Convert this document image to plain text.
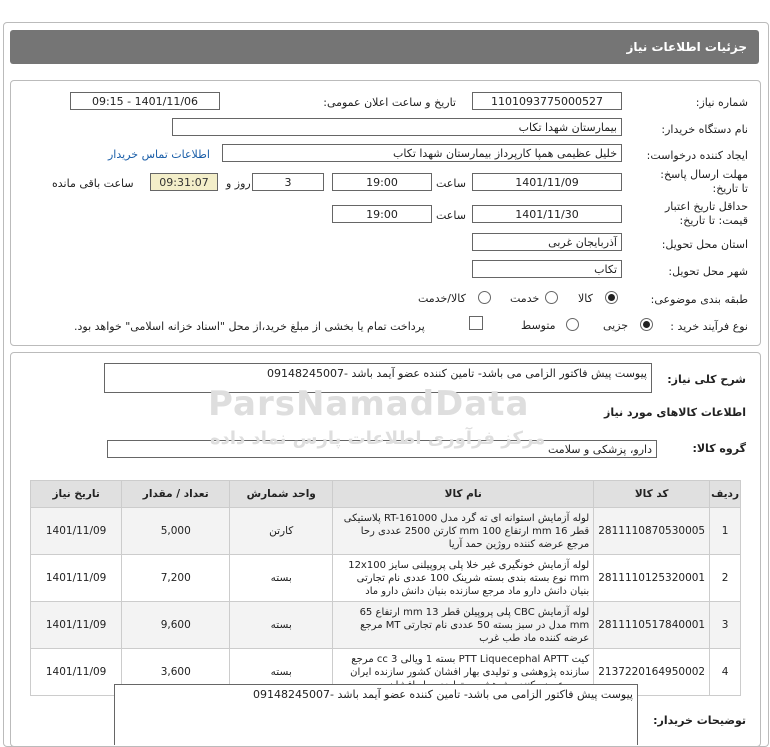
جزئیات اطلاعات نیاز
شماره نیاز:
1101093775000527
تاریخ و ساعت اعلان عمومی:
1401/11/06 - 09:15
نام دستگاه خریدار:
بیمارستان شهدا تکاب
ایجاد کننده درخواست:
خلیل عظیمی همپا کارپرداز بیمارستان شهدا تکاب
اطلاعات تماس خریدار
مهلت ارسال پاسخ: تا تاریخ:
1401/11/09
ساعت
19:00
3
روز و
09:31:07
ساعت باقی مانده
حداقل تاریخ اعتبار قیمت: تا تاریخ:
1401/11/30
ساعت
19:00
استان محل تحویل:
آذربایجان غربی
شهر محل تحویل:
تکاب
طبقه بندی موضوعی:
کالا
خدمت
کالا/خدمت
نوع فرآیند خرید :
جزیی
متوسط
پرداخت تمام یا بخشی از مبلغ خرید،از محل "اسناد خزانه اسلامی" خواهد بود.
شرح کلی نیاز:
پیوست پیش فاکتور الزامی می باشد- تامین کننده عضو آیمد باشد -09148245007
اطلاعات کالاهای مورد نیاز
گروه کالا:
دارو، پزشکی و سلامت
ردیف	کد کالا	نام کالا	واحد شمارش	تعداد / مقدار	تاریخ نیاز
1	2811110870530005	لوله آزمایش استوانه ای ته گرد مدل RT-161000 پلاستیکی قطر 16 mm ارتفاع 100 mm کارتن 2500 عددی رحا مرجع عرضه کننده روژین حمد آریا	کارتن	5,000	1401/11/09
2	2811110125320001	لوله آزمایش خونگیری غیر خلا پلی پروپیلنی سایز 12x100 mm نوع بسته بندی بسته شرینک 100 عددی نام تجارتی بنیان دانش دارو ماد مرجع سازنده بنیان دانش دارو ماد	بسته	7,200	1401/11/09
3	2811110517840001	لوله آزمایش CBC پلی پروپیلن قطر 13 mm ارتفاع 65 mm مدل در سبز بسته 50 عددی نام تجارتی MT مرجع عرضه کننده ماد طب غرب	بسته	9,600	1401/11/09
4	2137220164950002	کیت PTT Liquecephal APTT بسته 1 ویالی 3 cc مرجع سازنده پژوهشی و تولیدی بهار افشان کشور سازنده ایران	بسته	3,600	1401/11/09
توضیحات خریدار:
پیوست پیش فاکتور الزامی می باشد- تامین کننده عضو آیمد باشد -09148245007
ParsNamadData
مرکز فرآوری اطلاعات پارس نماد داده
